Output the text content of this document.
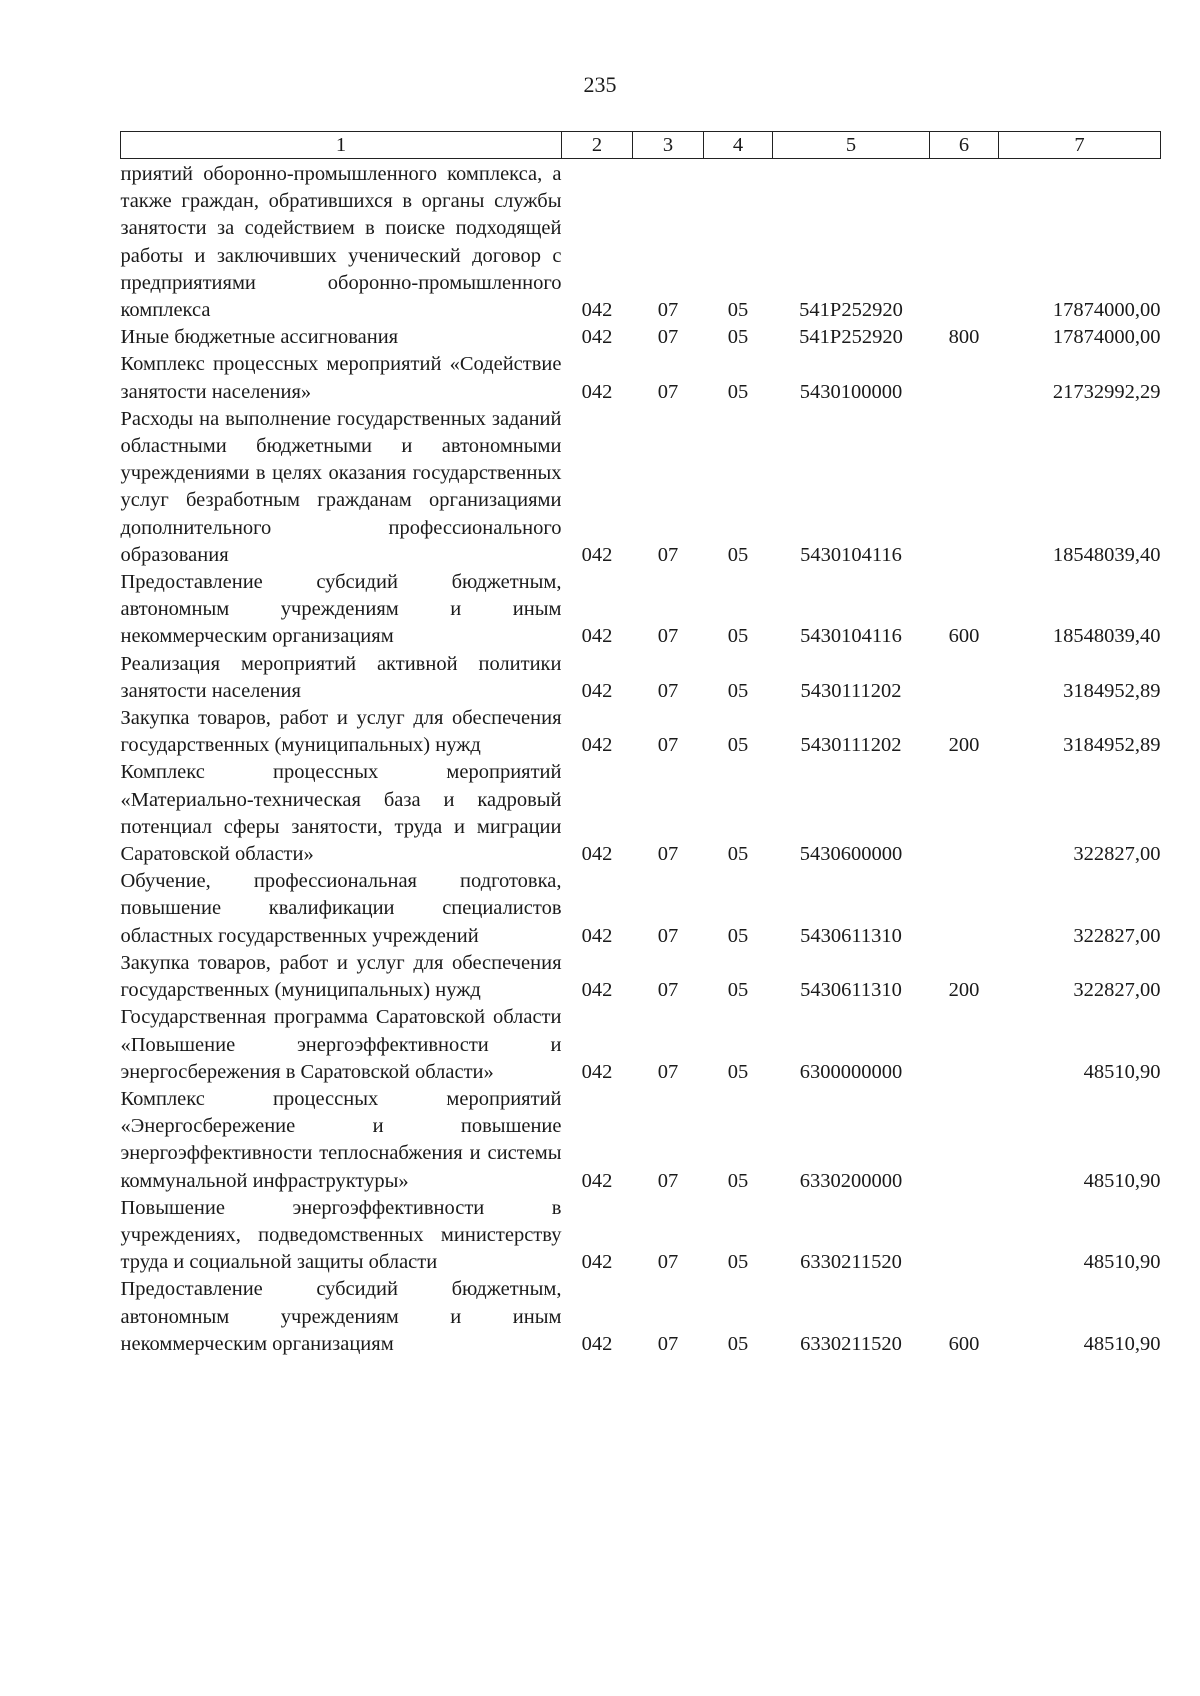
235
1	2	3	4	5	6	7
приятий оборонно-промышленного комплекса, а также граждан, обратившихся в органы службы занятости за содействием в поиске подходящей работы и заключивших ученический договор с предприятиями оборонно-промышленного комплекса	042	07	05	541Р252920		17874000,00
Иные бюджетные ассигнования	042	07	05	541Р252920	800	17874000,00
Комплекс процессных мероприятий «Содействие занятости населения»	042	07	05	5430100000		21732992,29
Расходы на выполнение государственных заданий областными бюджетными и автономными учреждениями в целях оказания государственных услуг безработным гражданам организациями дополнительного профессионального образования	042	07	05	5430104116		18548039,40
Предоставление субсидий бюджетным, автономным учреждениям и иным некоммерческим организациям	042	07	05	5430104116	600	18548039,40
Реализация мероприятий активной политики занятости населения	042	07	05	5430111202		3184952,89
Закупка товаров, работ и услуг для обеспечения государственных (муниципальных) нужд	042	07	05	5430111202	200	3184952,89
Комплекс процессных мероприятий «Материально-техническая база и кадровый потенциал сферы занятости, труда и миграции Саратовской области»	042	07	05	5430600000		322827,00
Обучение, профессиональная подготовка, повышение квалификации специалистов областных государственных учреждений	042	07	05	5430611310		322827,00
Закупка товаров, работ и услуг для обеспечения государственных (муниципальных) нужд	042	07	05	5430611310	200	322827,00
Государственная программа Саратовской области «Повышение энергоэффективности и энергосбережения в Саратовской области»	042	07	05	6300000000		48510,90
Комплекс процессных мероприятий «Энергосбережение и повышение энергоэффективности теплоснабжения и системы коммунальной инфраструктуры»	042	07	05	6330200000		48510,90
Повышение энергоэффективности в учреждениях, подведомственных министерству труда и социальной защиты области	042	07	05	6330211520		48510,90
Предоставление субсидий бюджетным, автономным учреждениям и иным некоммерческим организациям	042	07	05	6330211520	600	48510,90
